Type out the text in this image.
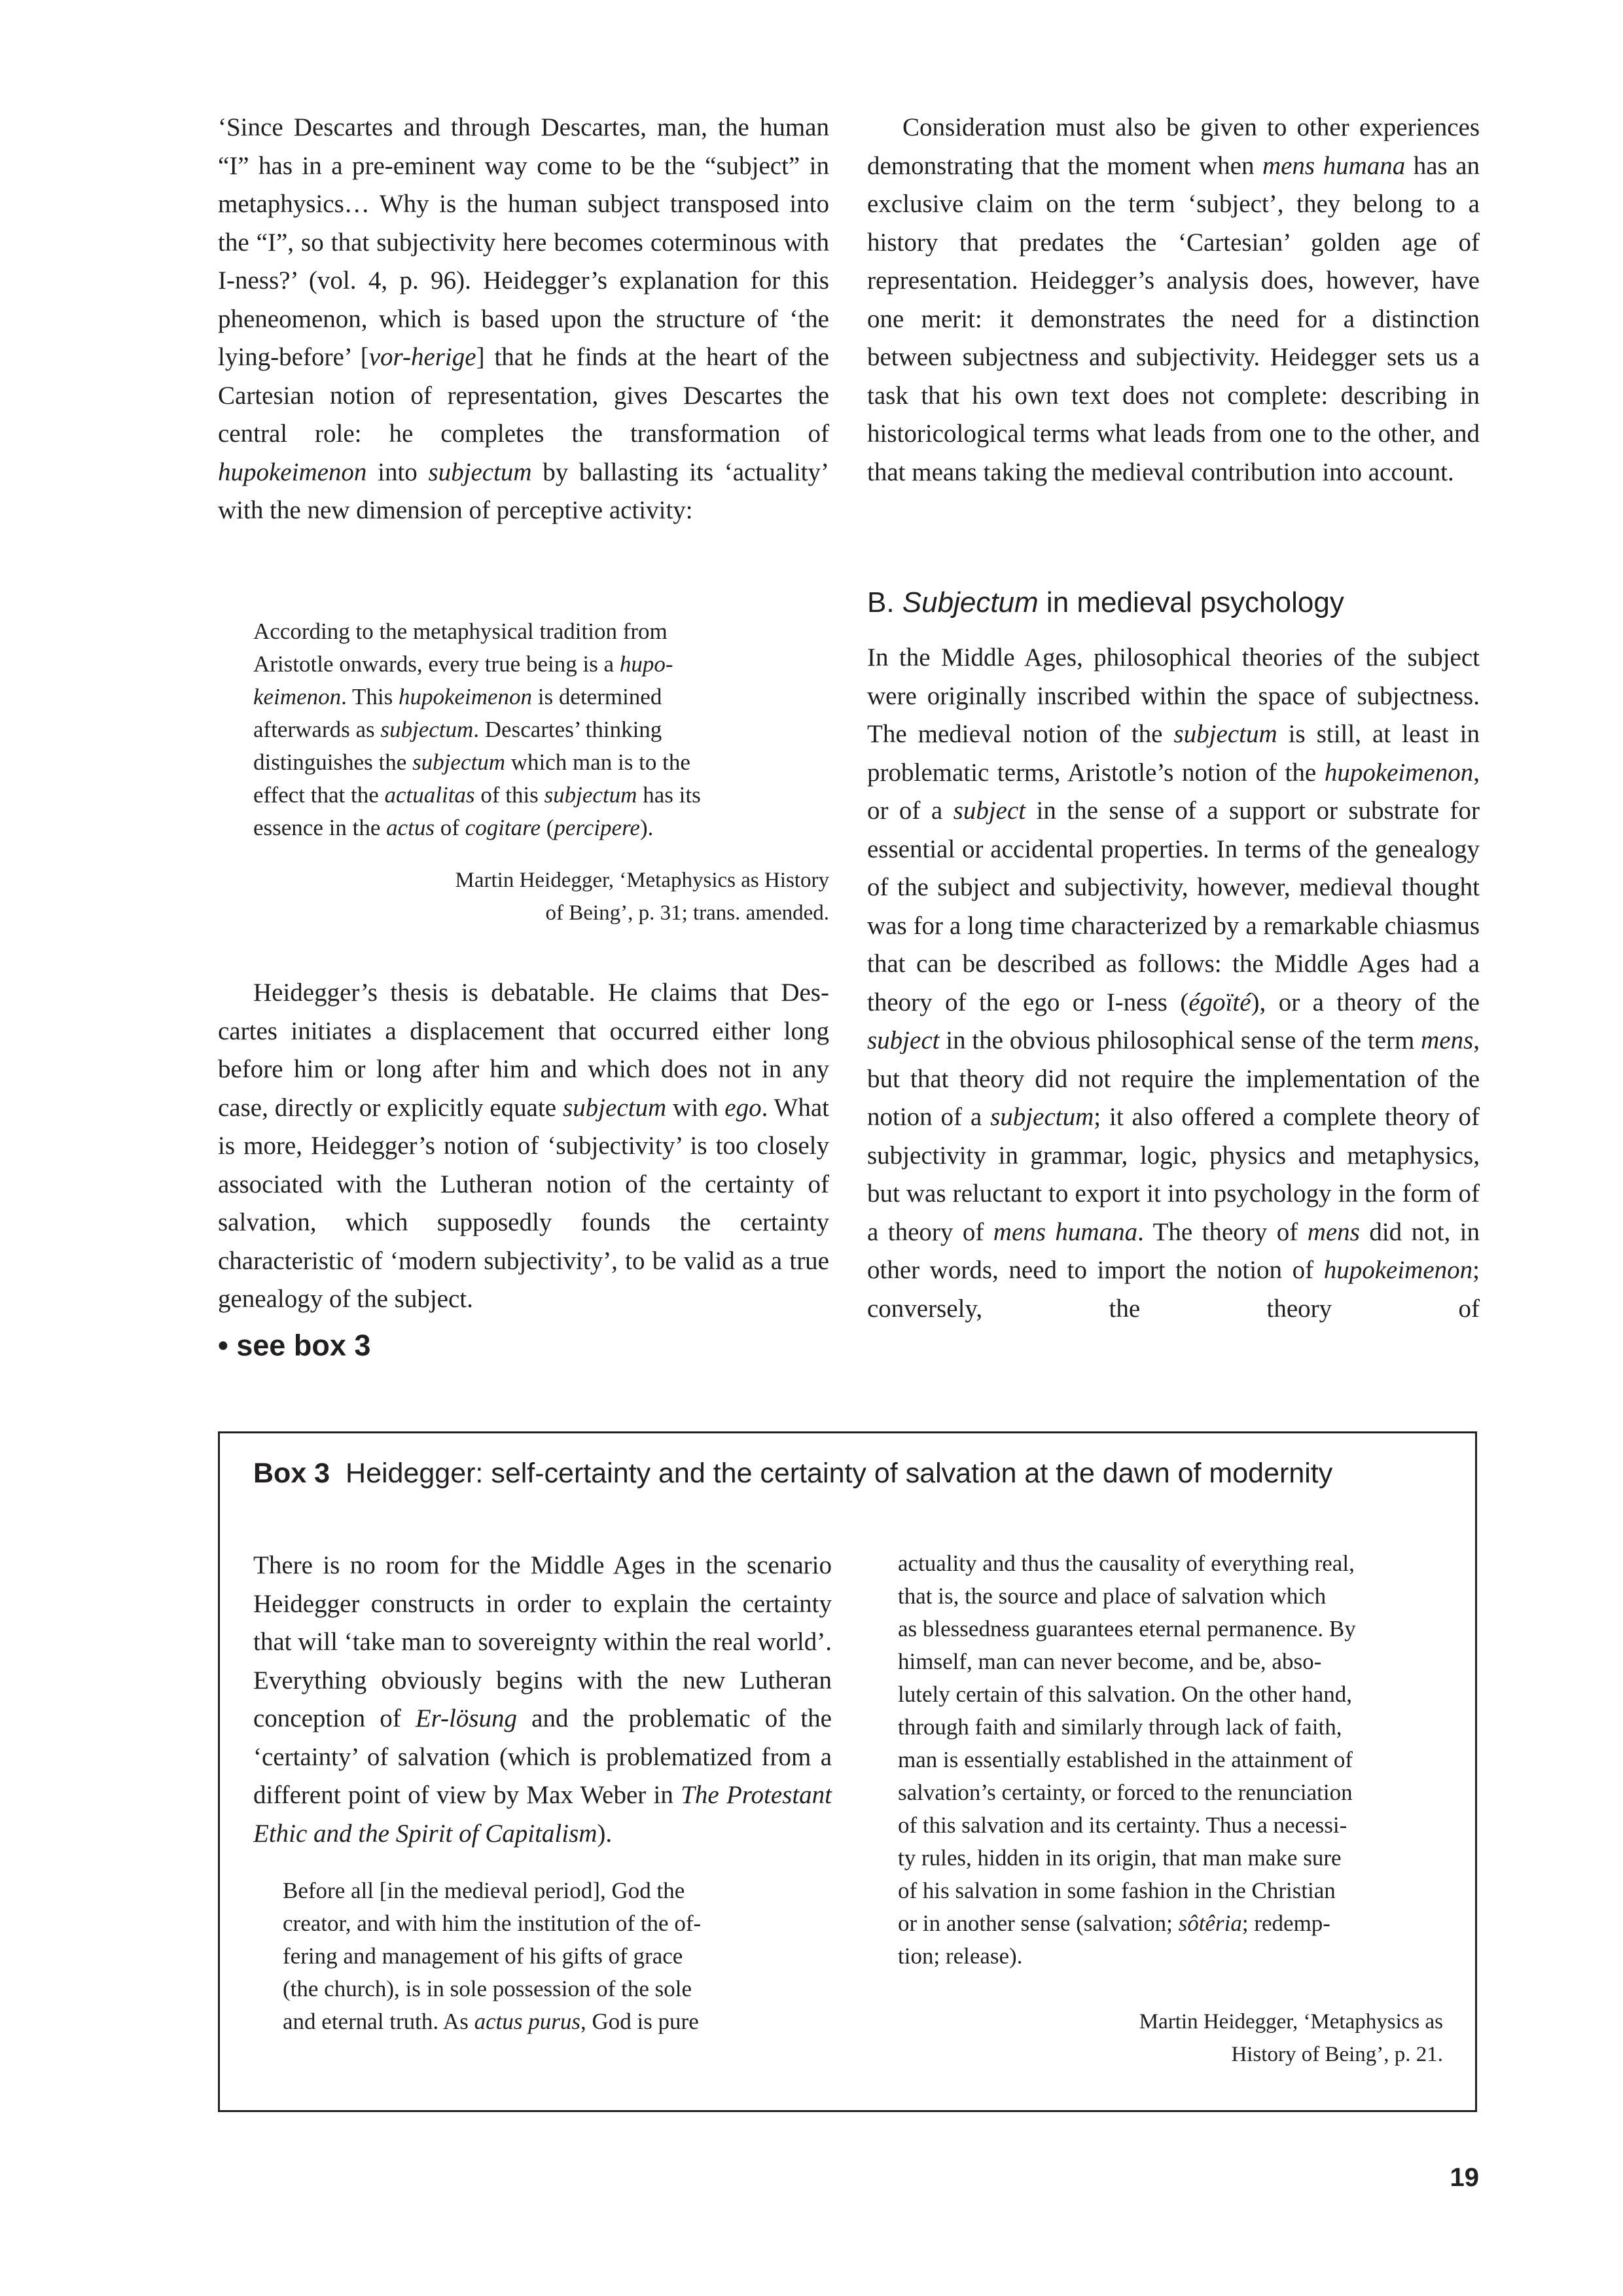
‘Since Descartes and through Descartes, man, the human “I” has in a pre-eminent way come to be the “subject” in metaphysics… Why is the human subject transposed into the “I”, so that subjectivity here becomes coterminous with I-ness?’ (vol. 4, p. 96). Heidegger’s explanation for this pheneomenon, which is based upon the structure of ‘the lying-before’ [vor-herige] that he finds at the heart of the Cartesian notion of representation, gives Descartes the central role: he completes the transformation of hupokeimenon into subjectum by ballasting its ‘actuality’ with the new dimension of perceptive activity:
According to the metaphysical tradition from
Aristotle onwards, every true being is a hupo-
keimenon. This hupokeimenon is determined
afterwards as subjectum. Descartes’ thinking
distinguishes the subjectum which man is to the
effect that the actualitas of this subjectum has its
essence in the actus of cogitare (percipere).
Martin Heidegger, ‘Metaphysics as History
of Being’, p. 31; trans. amended.
Heidegger’s thesis is debatable. He claims that Descartes initiates a displacement that occurred either long before him or long after him and which does not in any case, directly or explicitly equate subjectum with ego. What is more, Heidegger’s notion of ‘subjectivity’ is too closely associated with the Lutheran notion of the certainty of salvation, which supposedly founds the certainty characteristic of ‘modern subjectivity’, to be valid as a true genealogy of the subject.
• see box 3
Consideration must also be given to other experiences demonstrating that the moment when mens humana has an exclusive claim on the term ‘subject’, they belong to a history that predates the ‘Cartesian’ golden age of representation. Heidegger’s analysis does, however, have one merit: it demonstrates the need for a distinction between subjectness and subjectivity. Heidegger sets us a task that his own text does not complete: describing in historicological terms what leads from one to the other, and that means taking the medieval contribution into account.
B. Subjectum in medieval psychology
In the Middle Ages, philosophical theories of the subject were originally inscribed within the space of subjectness. The medieval notion of the subjectum is still, at least in problematic terms, Aristotle’s notion of the hupokeimenon, or of a subject in the sense of a support or substrate for essential or accidental properties. In terms of the genealogy of the subject and subjectivity, however, medieval thought was for a long time characterized by a remarkable chiasmus that can be described as follows: the Middle Ages had a theory of the ego or I-ness (égoïté), or a theory of the subject in the obvious philosophical sense of the term mens, but that theory did not require the implementation of the notion of a subjectum; it also offered a complete theory of subjectivity in grammar, logic, physics and metaphysics, but was reluctant to export it into psychology in the form of a theory of mens humana. The theory of mens did not, in other words, need to import the notion of hupokeimenon; conversely, the theory of
Box 3 Heidegger: self-certainty and the certainty of salvation at the dawn of modernity
There is no room for the Middle Ages in the scenario Heidegger constructs in order to explain the certainty that will ‘take man to sovereignty within the real world’. Everything obviously begins with the new Lutheran conception of Er-lösung and the problematic of the ‘certainty’ of salvation (which is problematized from a different point of view by Max Weber in The Protestant Ethic and the Spirit of Capitalism).
Before all [in the medieval period], God the
creator, and with him the institution of the of-
fering and management of his gifts of grace
(the church), is in sole possession of the sole
and eternal truth. As actus purus, God is pure
actuality and thus the causality of everything real,
that is, the source and place of salvation which
as blessedness guarantees eternal permanence. By
himself, man can never become, and be, abso-
lutely certain of this salvation. On the other hand,
through faith and similarly through lack of faith,
man is essentially established in the attainment of
salvation’s certainty, or forced to the renunciation
of this salvation and its certainty. Thus a necessi-
ty rules, hidden in its origin, that man make sure
of his salvation in some fashion in the Christian
or in another sense (salvation; sôtêria; redemp-
tion; release).
Martin Heidegger, ‘Metaphysics as
History of Being’, p. 21.
19
